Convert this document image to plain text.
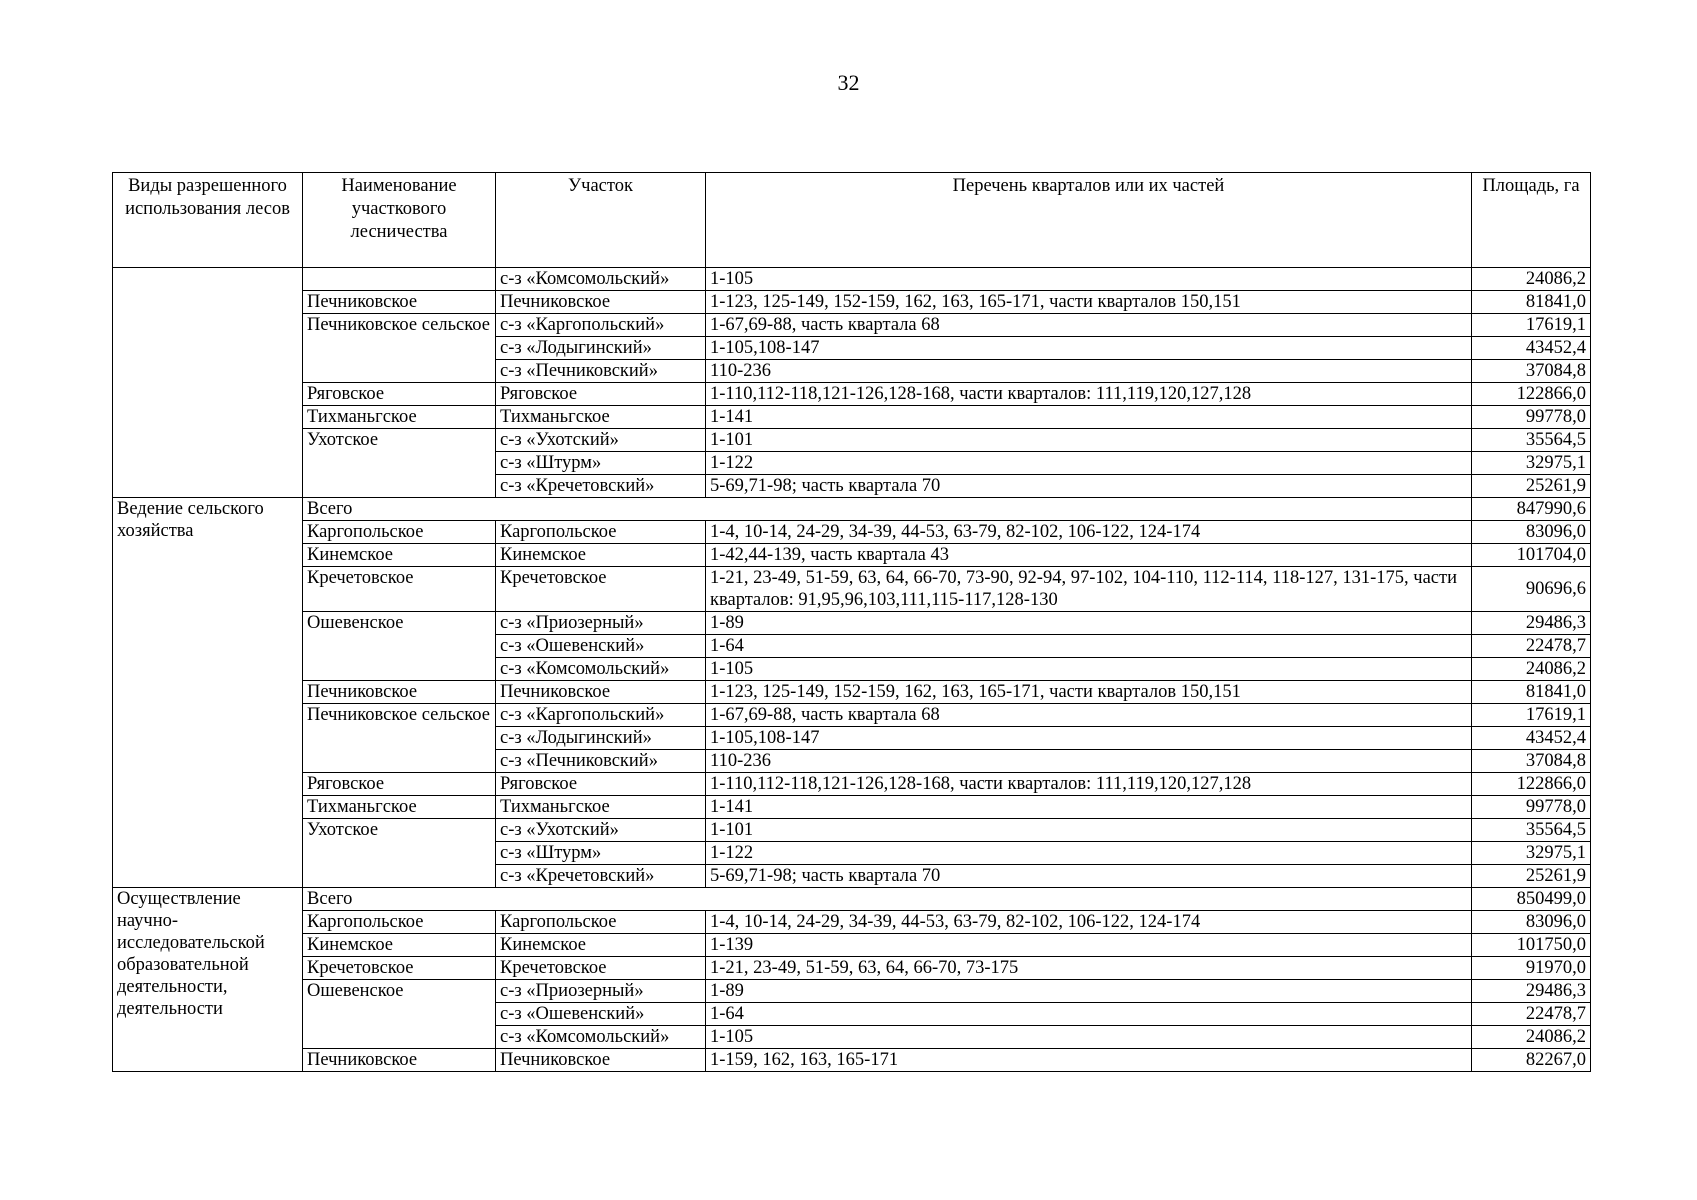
32
Виды разрешенного использования лесов	Наименование участкового лесничества	Участок	Перечень кварталов или их частей	Площадь, га
		с-з «Комсомольский»	1-105	24086,2
	Печниковское	Печниковское	1-123, 125-149, 152-159, 162, 163, 165-171, части кварталов 150,151	81841,0
	Печниковское сельское	с-з «Каргопольский»	1-67,69-88, часть квартала 68	17619,1
		с-з «Лодыгинский»	1-105,108-147	43452,4
		с-з «Печниковский»	110-236	37084,8
	Ряговское	Ряговское	1-110,112-118,121-126,128-168, части кварталов: 111,119,120,127,128	122866,0
	Тихманьгское	Тихманьгское	1-141	99778,0
	Ухотское	с-з «Ухотский»	1-101	35564,5
		с-з «Штурм»	1-122	32975,1
		с-з «Кречетовский»	5-69,71-98; часть квартала 70	25261,9
Ведение сельского хозяйства	Всего			847990,6
	Каргопольское	Каргопольское	1-4, 10-14, 24-29, 34-39, 44-53, 63-79, 82-102, 106-122, 124-174	83096,0
	Кинемское	Кинемское	1-42,44-139, часть квартала 43	101704,0
	Кречетовское	Кречетовское	1-21, 23-49, 51-59, 63, 64, 66-70, 73-90, 92-94, 97-102, 104-110, 112-114, 118-127, 131-175, части кварталов: 91,95,96,103,111,115-117,128-130	90696,6
	Ошевенское	с-з «Приозерный»	1-89	29486,3
		с-з «Ошевенский»	1-64	22478,7
		с-з «Комсомольский»	1-105	24086,2
	Печниковское	Печниковское	1-123, 125-149, 152-159, 162, 163, 165-171, части кварталов 150,151	81841,0
	Печниковское сельское	с-з «Каргопольский»	1-67,69-88, часть квартала 68	17619,1
		с-з «Лодыгинский»	1-105,108-147	43452,4
		с-з «Печниковский»	110-236	37084,8
	Ряговское	Ряговское	1-110,112-118,121-126,128-168, части кварталов: 111,119,120,127,128	122866,0
	Тихманьгское	Тихманьгское	1-141	99778,0
	Ухотское	с-з «Ухотский»	1-101	35564,5
		с-з «Штурм»	1-122	32975,1
		с-з «Кречетовский»	5-69,71-98; часть квартала 70	25261,9
Осуществление научно-исследовательской образовательной деятельности, деятельности	Всего			850499,0
	Каргопольское	Каргопольское	1-4, 10-14, 24-29, 34-39, 44-53, 63-79, 82-102, 106-122, 124-174	83096,0
	Кинемское	Кинемское	1-139	101750,0
	Кречетовское	Кречетовское	1-21, 23-49, 51-59, 63, 64, 66-70, 73-175	91970,0
	Ошевенское	с-з «Приозерный»	1-89	29486,3
		с-з «Ошевенский»	1-64	22478,7
		с-з «Комсомольский»	1-105	24086,2
	Печниковское	Печниковское	1-159, 162, 163, 165-171	82267,0
